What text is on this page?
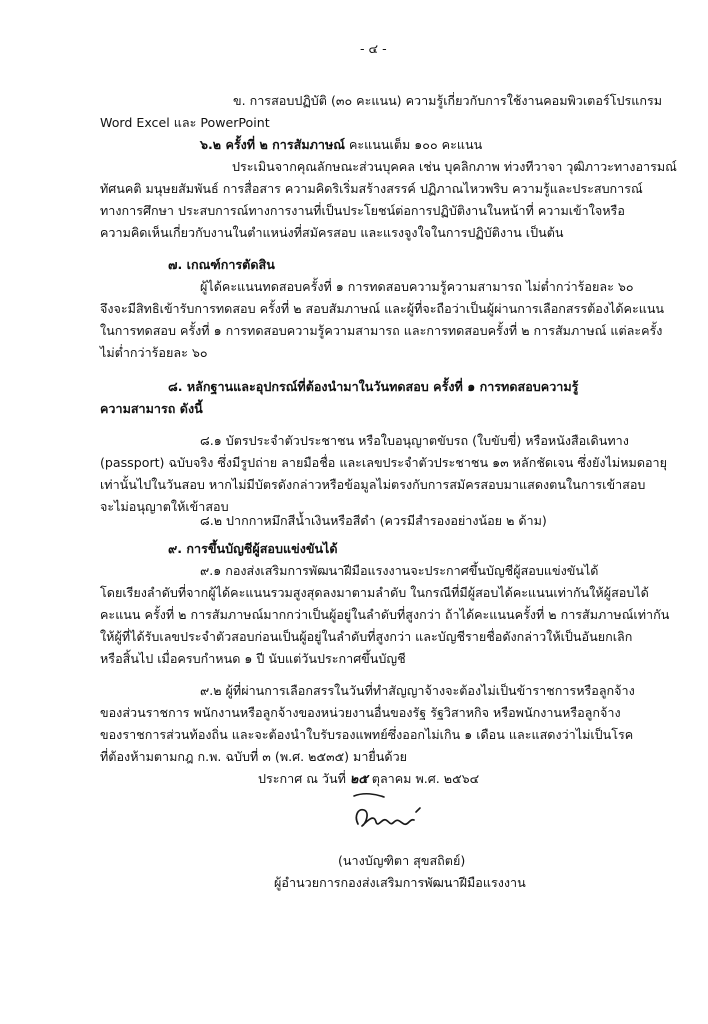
- ๔ -
ข. การสอบปฏิบัติ (๓๐ คะแนน) ความรู้เกี่ยวกับการใช้งานคอมพิวเตอร์โปรแกรม
Word Excel และ PowerPoint
๖.๒ ครั้งที่ ๒ การสัมภาษณ์ คะแนนเต็ม ๑๐๐ คะแนน
ประเมินจากคุณลักษณะส่วนบุคคล เช่น บุคลิกภาพ ท่วงทีวาจา วุฒิภาวะทางอารมณ์
ทัศนคติ มนุษยสัมพันธ์ การสื่อสาร ความคิดริเริ่มสร้างสรรค์ ปฏิภาณไหวพริบ ความรู้และประสบการณ์
ทางการศึกษา ประสบการณ์ทางการงานที่เป็นประโยชน์ต่อการปฏิบัติงานในหน้าที่ ความเข้าใจหรือ
ความคิดเห็นเกี่ยวกับงานในตำแหน่งที่สมัครสอบ และแรงจูงใจในการปฏิบัติงาน เป็นต้น
๗. เกณฑ์การตัดสิน
ผู้ได้คะแนนทดสอบครั้งที่ ๑ การทดสอบความรู้ความสามารถ ไม่ต่ำกว่าร้อยละ ๖๐
จึงจะมีสิทธิเข้ารับการทดสอบ ครั้งที่ ๒ สอบสัมภาษณ์ และผู้ที่จะถือว่าเป็นผู้ผ่านการเลือกสรรต้องได้คะแนน
ในการทดสอบ ครั้งที่ ๑ การทดสอบความรู้ความสามารถ และการทดสอบครั้งที่ ๒ การสัมภาษณ์ แต่ละครั้ง
ไม่ต่ำกว่าร้อยละ ๖๐
๘. หลักฐานและอุปกรณ์ที่ต้องนำมาในวันทดสอบ ครั้งที่ ๑ การทดสอบความรู้
ความสามารถ ดังนี้
๘.๑ บัตรประจำตัวประชาชน หรือใบอนุญาตขับรถ (ใบขับขี่) หรือหนังสือเดินทาง
(passport) ฉบับจริง ซึ่งมีรูปถ่าย ลายมือชื่อ และเลขประจำตัวประชาชน ๑๓ หลักชัดเจน ซึ่งยังไม่หมดอายุ
เท่านั้นไปในวันสอบ หากไม่มีบัตรดังกล่าวหรือข้อมูลไม่ตรงกับการสมัครสอบมาแสดงตนในการเข้าสอบ
จะไม่อนุญาตให้เข้าสอบ
๘.๒ ปากกาหมึกสีน้ำเงินหรือสีดำ (ควรมีสำรองอย่างน้อย ๒ ด้าม)
๙. การขึ้นบัญชีผู้สอบแข่งขันได้
๙.๑ กองส่งเสริมการพัฒนาฝีมือแรงงานจะประกาศขึ้นบัญชีผู้สอบแข่งขันได้
โดยเรียงลำดับที่จากผู้ได้คะแนนรวมสูงสุดลงมาตามลำดับ ในกรณีที่มีผู้สอบได้คะแนนเท่ากันให้ผู้สอบได้
คะแนน ครั้งที่ ๒ การสัมภาษณ์มากกว่าเป็นผู้อยู่ในลำดับที่สูงกว่า ถ้าได้คะแนนครั้งที่ ๒ การสัมภาษณ์เท่ากัน
ให้ผู้ที่ได้รับเลขประจำตัวสอบก่อนเป็นผู้อยู่ในลำดับที่สูงกว่า และบัญชีรายชื่อดังกล่าวให้เป็นอันยกเลิก
หรือสิ้นไป เมื่อครบกำหนด ๑ ปี นับแต่วันประกาศขึ้นบัญชี
๙.๒ ผู้ที่ผ่านการเลือกสรรในวันที่ทำสัญญาจ้างจะต้องไม่เป็นข้าราชการหรือลูกจ้าง
ของส่วนราชการ พนักงานหรือลูกจ้างของหน่วยงานอื่นของรัฐ รัฐวิสาหกิจ หรือพนักงานหรือลูกจ้าง
ของราชการส่วนท้องถิ่น และจะต้องนำใบรับรองแพทย์ซึ่งออกไม่เกิน ๑ เดือน และแสดงว่าไม่เป็นโรค
ที่ต้องห้ามตามกฎ ก.พ. ฉบับที่ ๓ (พ.ศ. ๒๕๓๕) มายื่นด้วย
ประกาศ ณ วันที่ ๒๕ ตุลาคม พ.ศ. ๒๕๖๔
(นางบัญฑิตา สุขสถิตย์)
ผู้อำนวยการกองส่งเสริมการพัฒนาฝีมือแรงงาน
